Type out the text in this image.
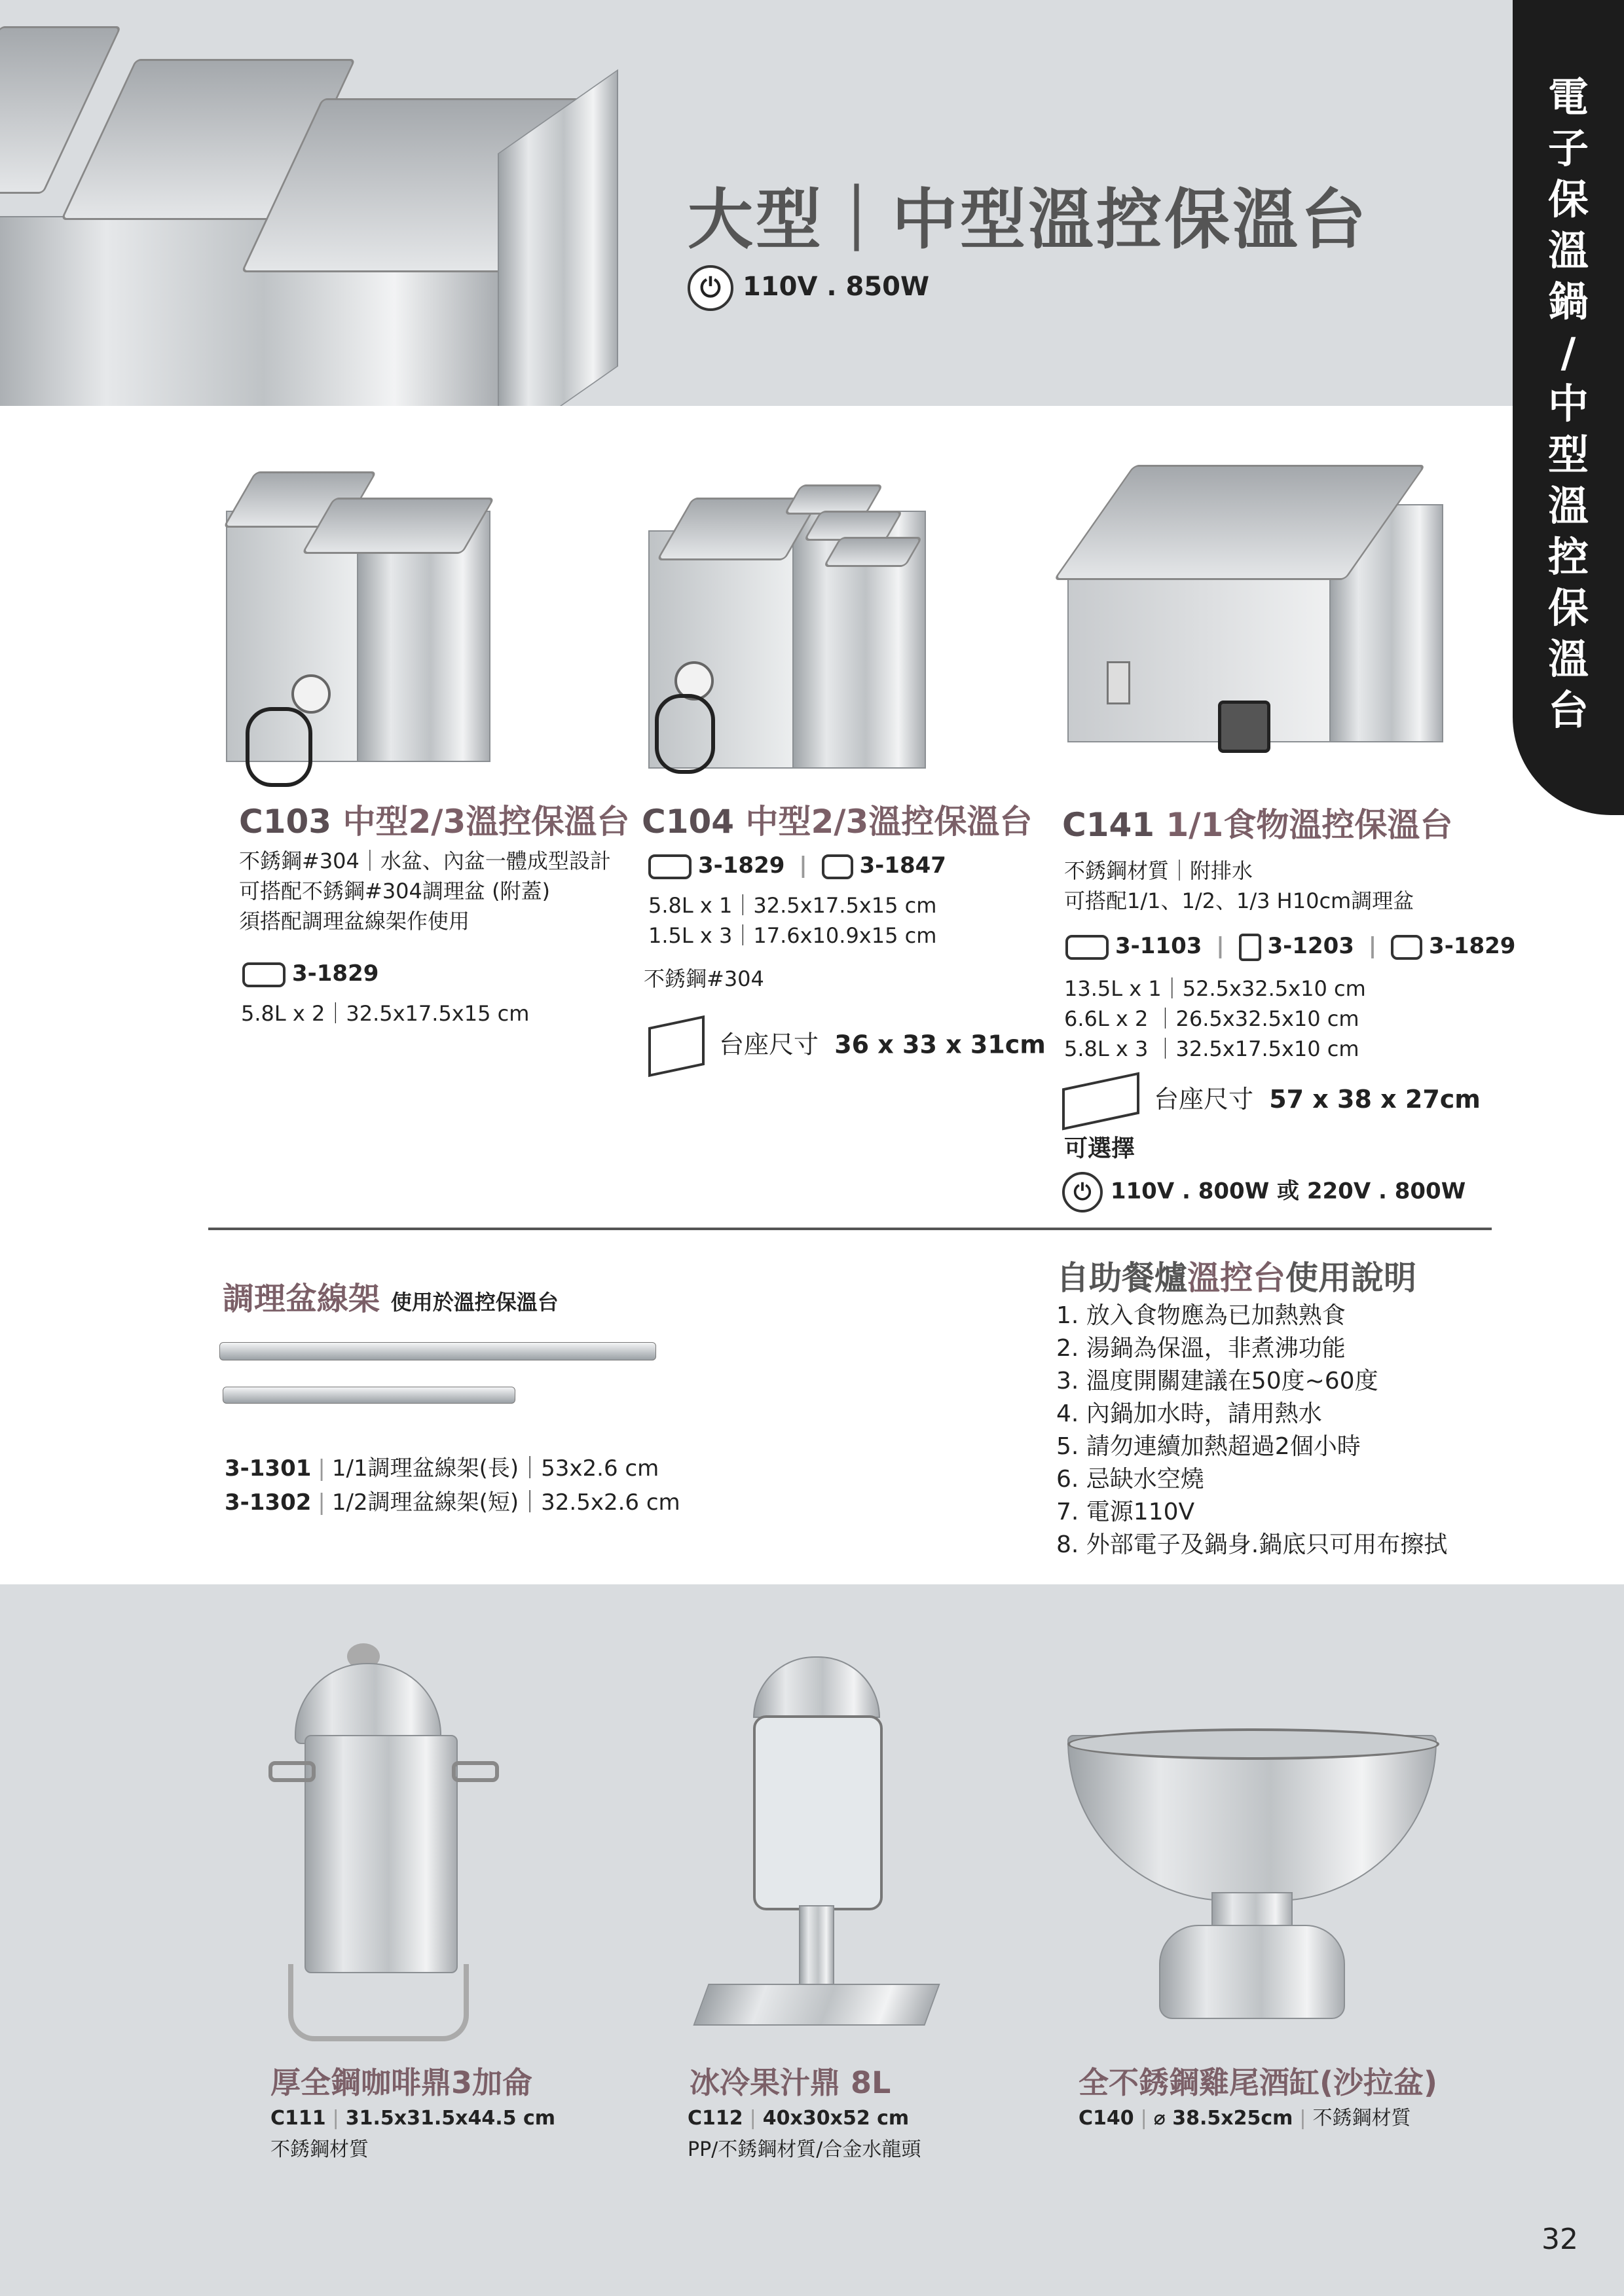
電
子
保
溫
鍋
/
中
型
溫
控
保
溫
台
大型｜中型溫控保溫台
⏻ 110V . 850W
C103 中型2/3溫控保溫台
不銹鋼#304｜水盆、內盆一體成型設計
可搭配不銹鋼#304調理盆 (附蓋)
須搭配調理盆線架作使用
3-1829
5.8L x 2｜32.5x17.5x15 cm
C104 中型2/3溫控保溫台
3-1829 | 3-1847
5.8L x 1｜32.5x17.5x15 cm
1.5L x 3｜17.6x10.9x15 cm
不銹鋼#304
台座尺寸 36 x 33 x 31cm
C141 1/1食物溫控保溫台
不銹鋼材質｜附排水
可搭配1/1、1/2、1/3 H10cm調理盆
3-1103 | 3-1203 | 3-1829
13.5L x 1｜52.5x32.5x10 cm
6.6L x 2 ｜26.5x32.5x10 cm
5.8L x 3 ｜32.5x17.5x10 cm
台座尺寸 57 x 38 x 27cm
可選擇
⏻ 110V . 800W 或 220V . 800W
調理盆線架 使用於溫控保溫台
3-1301 | 1/1調理盆線架(長)｜53x2.6 cm
3-1302 | 1/2調理盆線架(短)｜32.5x2.6 cm
自助餐爐溫控台使用說明
1. 放入食物應為已加熱熟食
2. 湯鍋為保溫，非煮沸功能
3. 溫度開關建議在50度~60度
4. 內鍋加水時，請用熱水
5. 請勿連續加熱超過2個小時
6. 忌缺水空燒
7. 電源110V
8. 外部電子及鍋身.鍋底只可用布擦拭
厚全鋼咖啡鼎3加侖
C111 | 31.5x31.5x44.5 cm
不銹鋼材質
冰冷果汁鼎 8L
C112 | 40x30x52 cm
PP/不銹鋼材質/合金水龍頭
全不銹鋼雞尾酒缸(沙拉盆)
C140 | ⌀ 38.5x25cm | 不銹鋼材質
32
